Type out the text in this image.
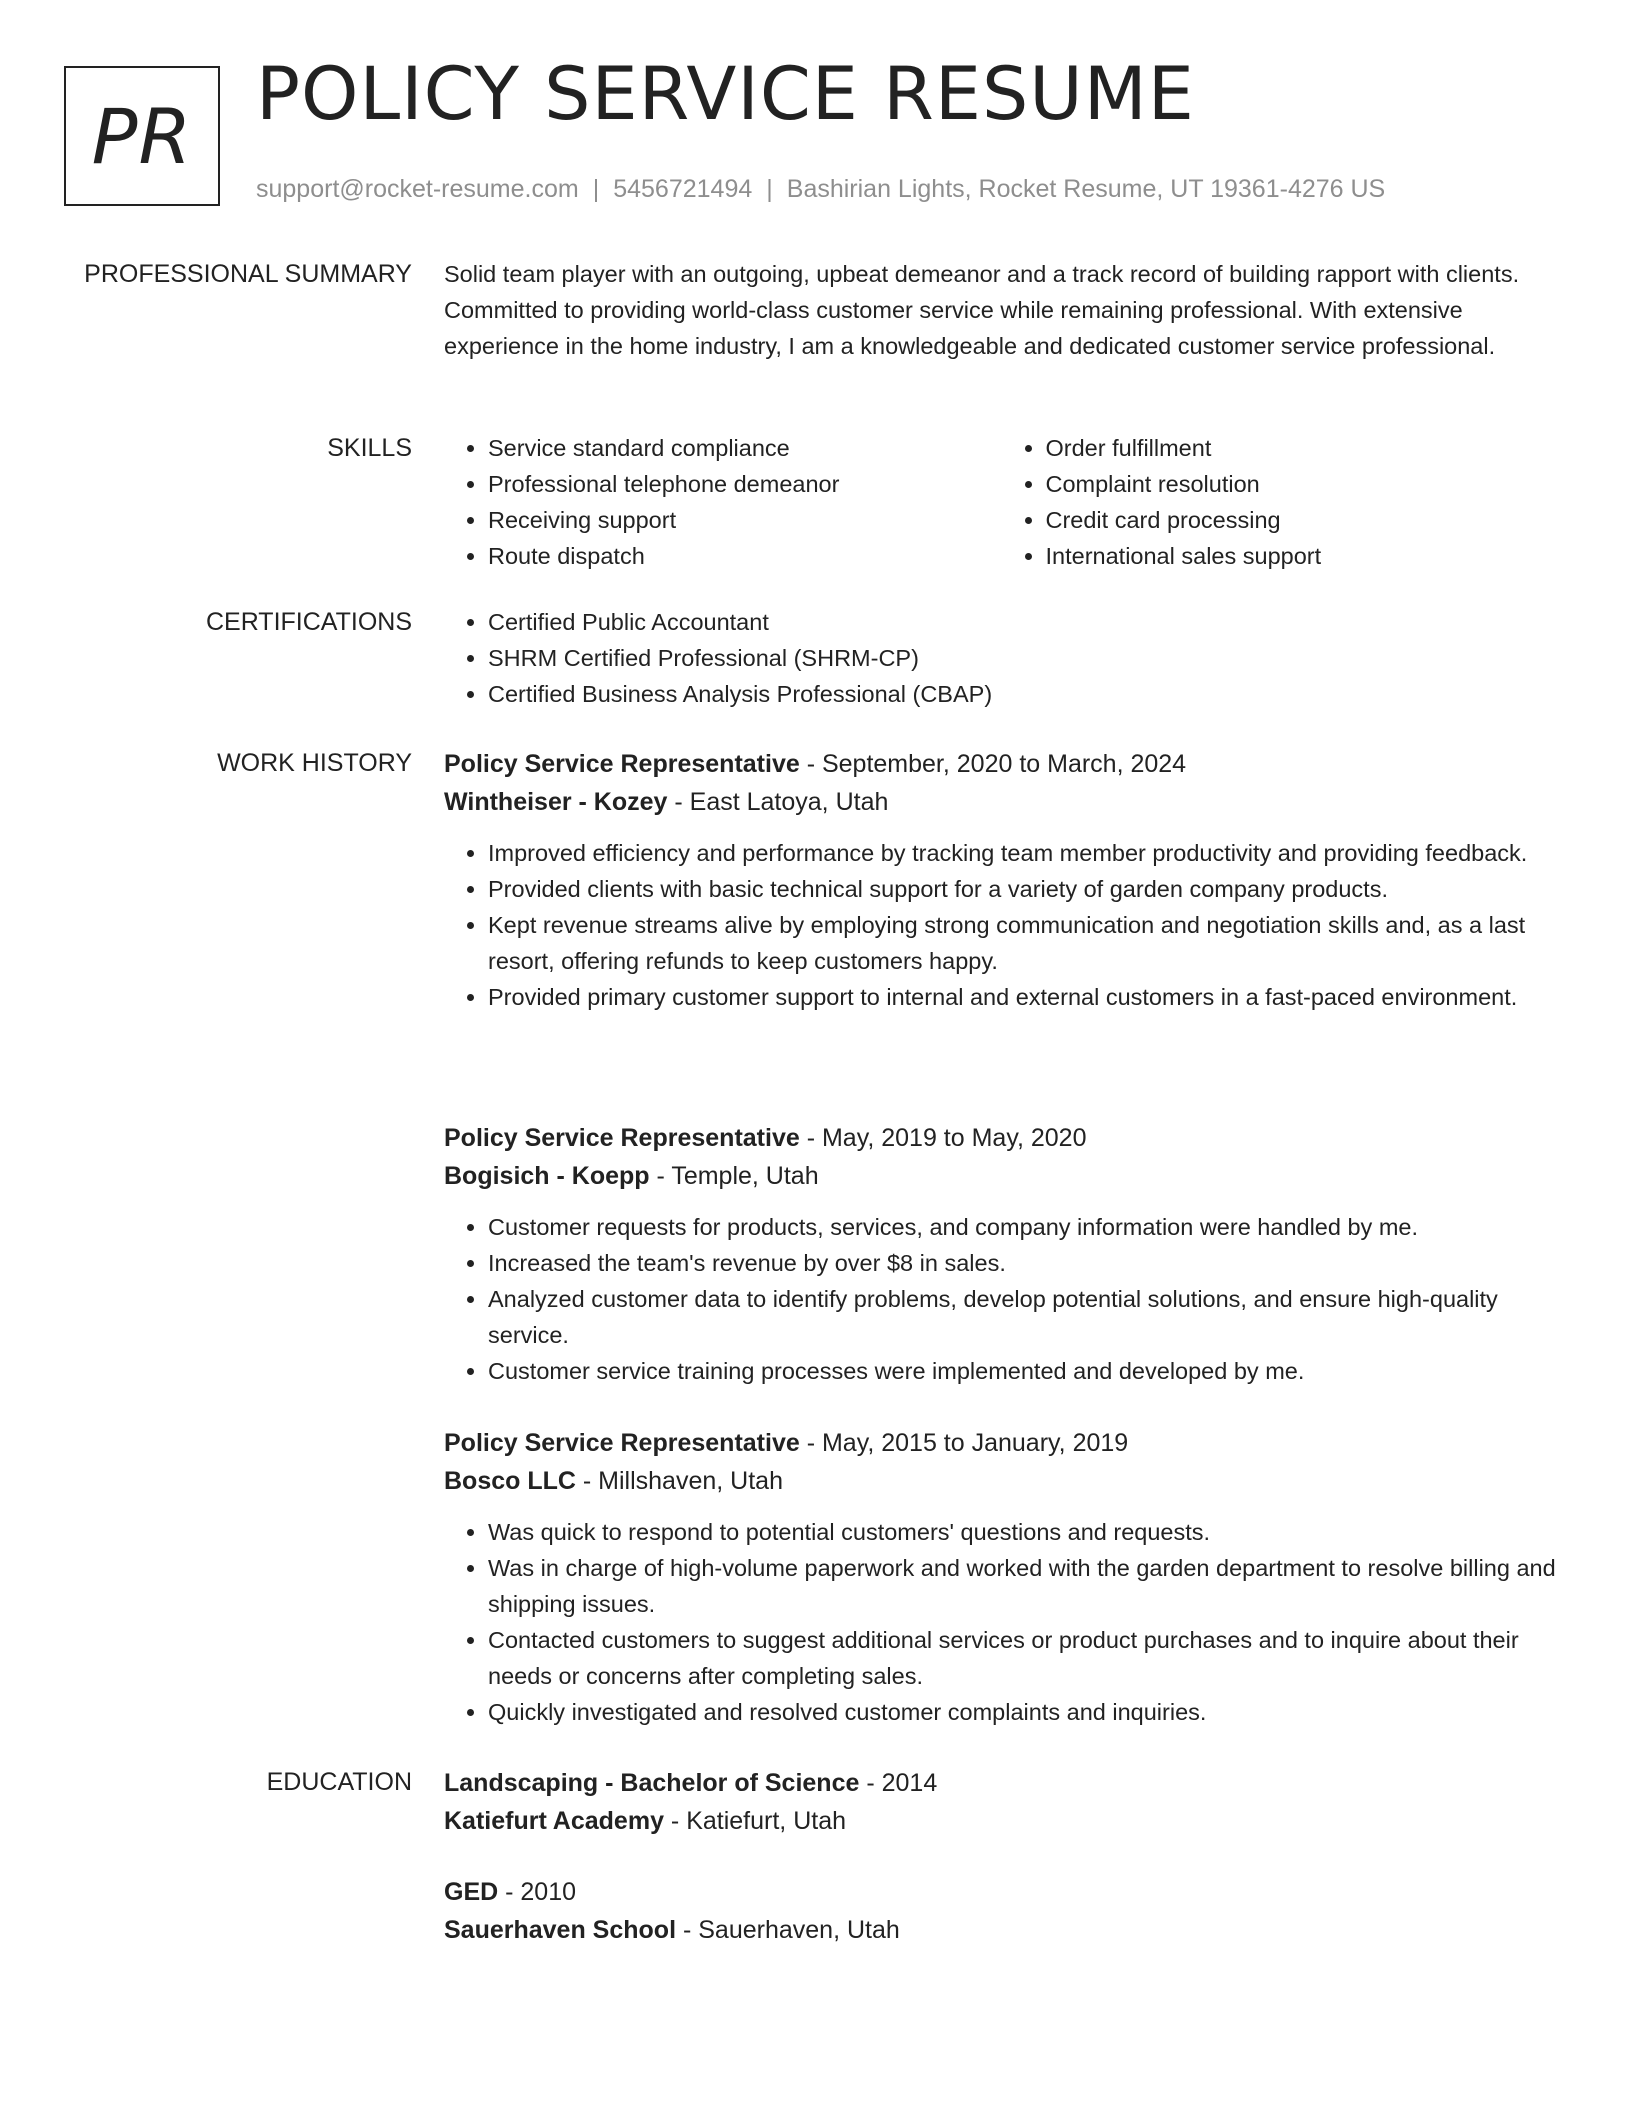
PR POLICY SERVICE RESUME
support@rocket-resume.com | 5456721494 | Bashirian Lights, Rocket Resume, UT 19361-4276 US
PROFESSIONAL SUMMARY Solid team player with an outgoing, upbeat demeanor and a track record of building rapport with clients. Committed to providing world-class customer service while remaining professional. With extensive experience in the home industry, I am a knowledgeable and dedicated customer service professional.

SKILLS	• Service standard compliance
• Professional telephone demeanor
• Receiving support
• Route dispatch
• Order fulfillment
• Complaint resolution
• Credit card processing
• International sales support
CERTIFICATIONS	• Certified Public Accountant
• SHRM Certified Professional (SHRM-CP)
• Certified Business Analysis Professional (CBAP)
WORK HISTORY Policy Service Representative - September, 2020 to March, 2024
Wintheiser - Kozey - East Latoya, Utah
• Improved efficiency and performance by tracking team member productivity and providing feedback.
• Provided clients with basic technical support for a variety of garden company products.
• Kept revenue streams alive by employing strong communication and negotiation skills and, as a last resort, offering refunds to keep customers happy.
• Provided primary customer support to internal and external customers in a fast-paced environment.
Policy Service Representative - May, 2019 to May, 2020
Bogisich - Koepp - Temple, Utah
• Customer requests for products, services, and company information were handled by me.
• Increased the team's revenue by over $8 in sales.
• Analyzed customer data to identify problems, develop potential solutions, and ensure high-quality service.
• Customer service training processes were implemented and developed by me.
Policy Service Representative - May, 2015 to January, 2019
Bosco LLC - Millshaven, Utah
• Was quick to respond to potential customers' questions and requests.
• Was in charge of high-volume paperwork and worked with the garden department to resolve billing and shipping issues.
• Contacted customers to suggest additional services or product purchases and to inquire about their needs or concerns after completing sales.
• Quickly investigated and resolved customer complaints and inquiries.
EDUCATION Landscaping - Bachelor of Science - 2014
Katiefurt Academy - Katiefurt, Utah
GED - 2010
Sauerhaven School - Sauerhaven, Utah
